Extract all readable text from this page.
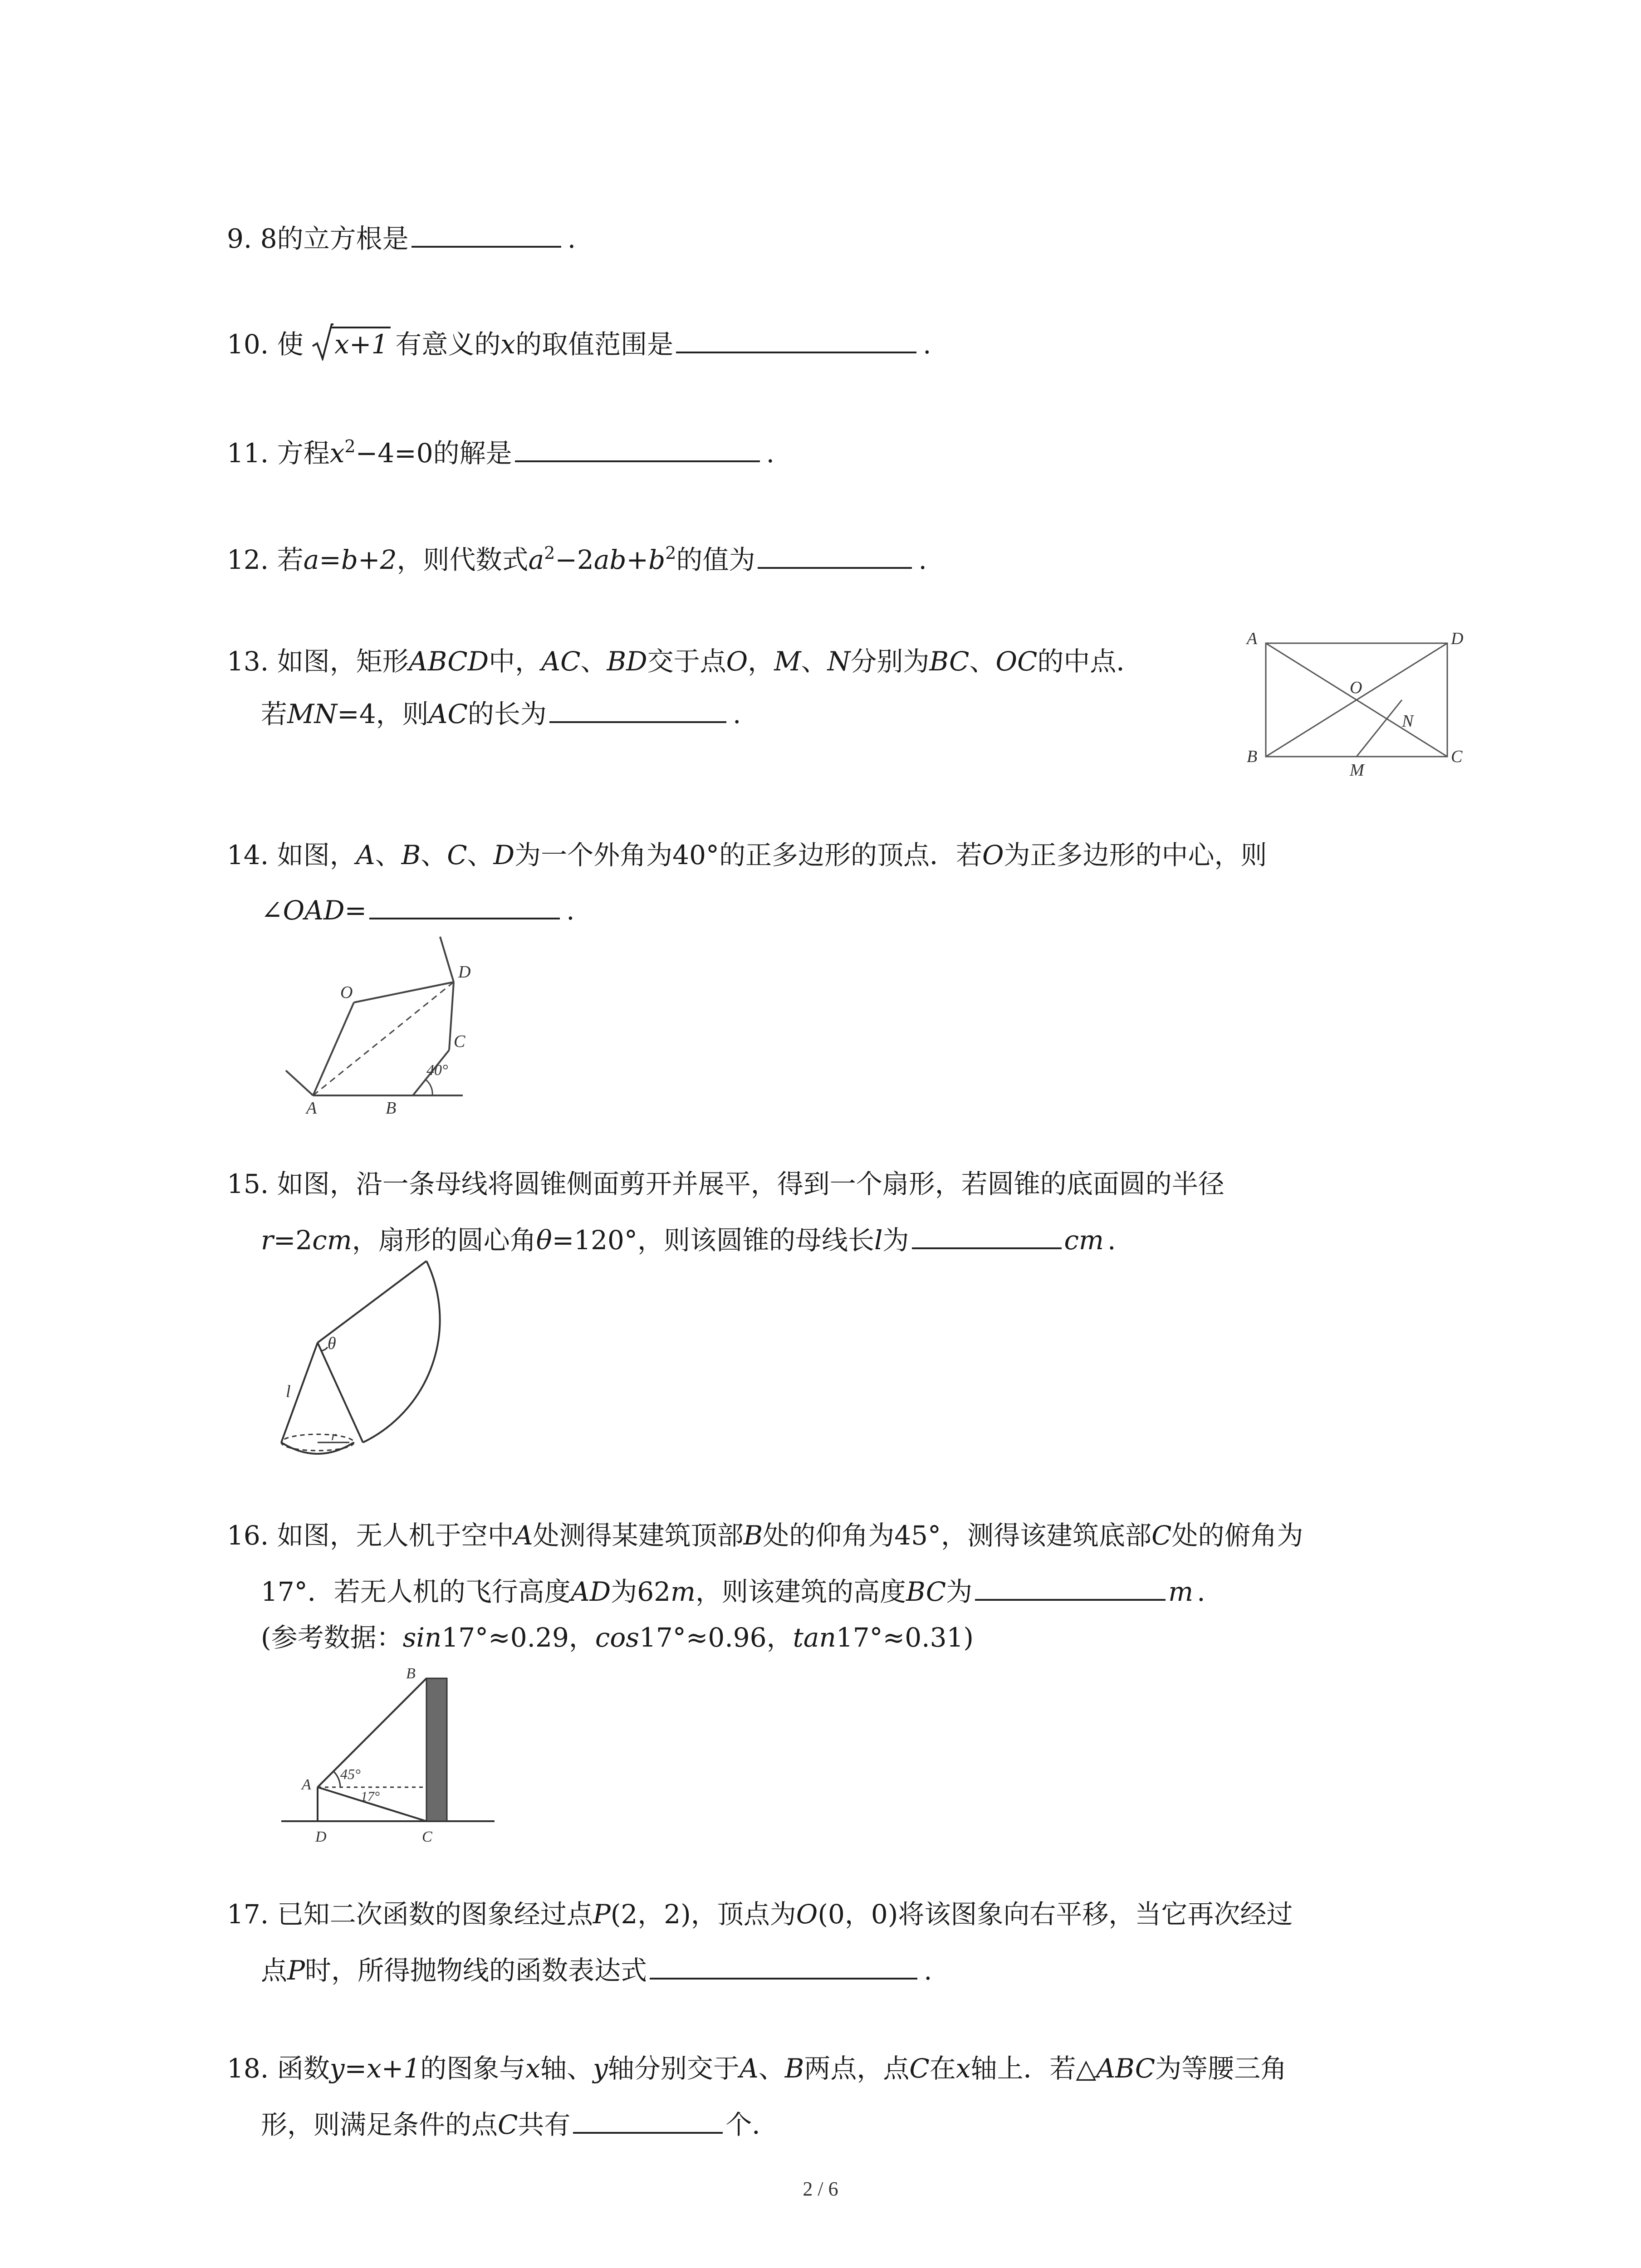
9. 8的立方根是	.
10. 使 x+1 有意义的x的取值范围是	.
11. 方程$x^2-4=0$的解是	.
12. 若a=b+2，则代数式$a^2-2ab+b^2$的值为	.
13. 如图，矩形ABCD中，AC、BD交于点O，M、N分别为BC、OC的中点．
若MN=4，则AC的长为	.
A	D
B	C
O
M
N
14. 如图，A、B、C、D为一个外角为40°的正多边形的顶点．若O为正多边形的中心，则
∠OAD=	.
O
D
C
A	B
40°
15. 如图，沿一条母线将圆锥侧面剪开并展平，得到一个扇形，若圆锥的底面圆的半径
r=2cm，扇形的圆心角θ=120°，则该圆锥的母线长l为	cm .
θ
l
r
16. 如图，无人机于空中A处测得某建筑顶部B处的仰角为45°，测得该建筑底部C处的俯角为
17°．若无人机的飞行高度AD为62m，则该建筑的高度BC为	m .
(参考数据：sin17°≈0.29，cos17°≈0.96，tan17°≈0.31)
B
A
D	C
45°
17°
17. 已知二次函数的图象经过点P(2，2)，顶点为O(0，0)将该图象向右平移，当它再次经过
点P时，所得抛物线的函数表达式	.
18. 函数y=x+1的图象与x轴、y轴分别交于A、B两点，点C在x轴上．若△ABC为等腰三角
形，则满足条件的点C共有	个．
2 / 6
